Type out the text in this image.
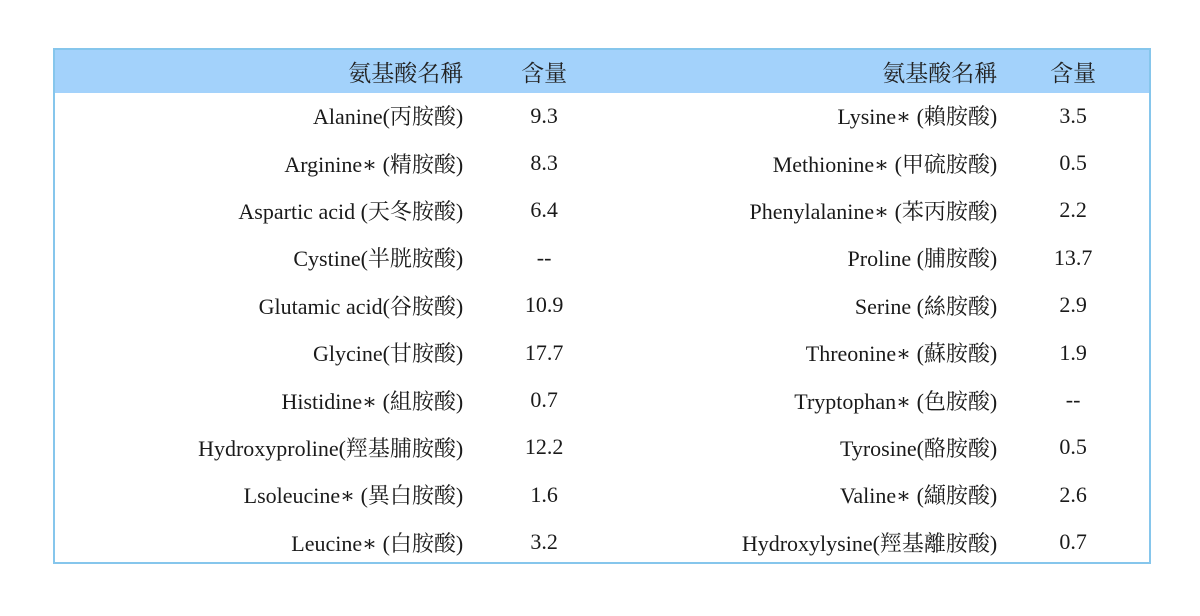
氨基酸名稱	含量	氨基酸名稱	含量
Alanine(丙胺酸)	9.3	Lysine∗ (賴胺酸)	3.5
Arginine∗ (精胺酸)	8.3	Methionine∗ (甲硫胺酸)	0.5
Aspartic acid (天冬胺酸)	6.4	Phenylalanine∗ (苯丙胺酸)	2.2
Cystine(半胱胺酸)	--	Proline (脯胺酸)	13.7
Glutamic acid(谷胺酸)	10.9	Serine (絲胺酸)	2.9
Glycine(甘胺酸)	17.7	Threonine∗ (蘇胺酸)	1.9
Histidine∗ (組胺酸)	0.7	Tryptophan∗ (色胺酸)	--
Hydroxyproline(羥基脯胺酸)	12.2	Tyrosine(酪胺酸)	0.5
Lsoleucine∗ (異白胺酸)	1.6	Valine∗ (纈胺酸)	2.6
Leucine∗ (白胺酸)	3.2	Hydroxylysine(羥基離胺酸)	0.7
